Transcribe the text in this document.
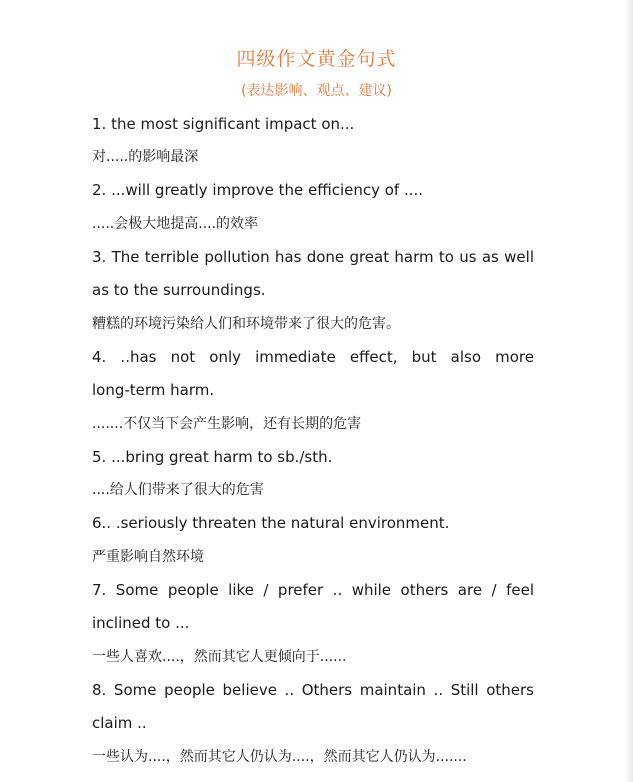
四级作文黄金句式
(表达影响、观点、建议)
1. the most significant impact on...
对.....的影响最深
2. ...will greatly improve the efficiency of ....
.....会极大地提高....的效率
3. The terrible pollution has done great harm to us as well
as to the surroundings.
糟糕的环境污染给人们和环境带来了很大的危害。
4. ..has not only immediate effect, but also more
long-term harm.
.......不仅当下会产生影响，还有长期的危害
5. ...bring great harm to sb./sth.
....给人们带来了很大的危害
6.. .seriously threaten the natural environment.
严重影响自然环境
7. Some people like / prefer .. while others are / feel
inclined to ...
一些人喜欢....，然而其它人更倾向于......
8. Some people believe .. Others maintain .. Still others
claim ..
一些认为....，然而其它人仍认为....，然而其它人仍认为.......
